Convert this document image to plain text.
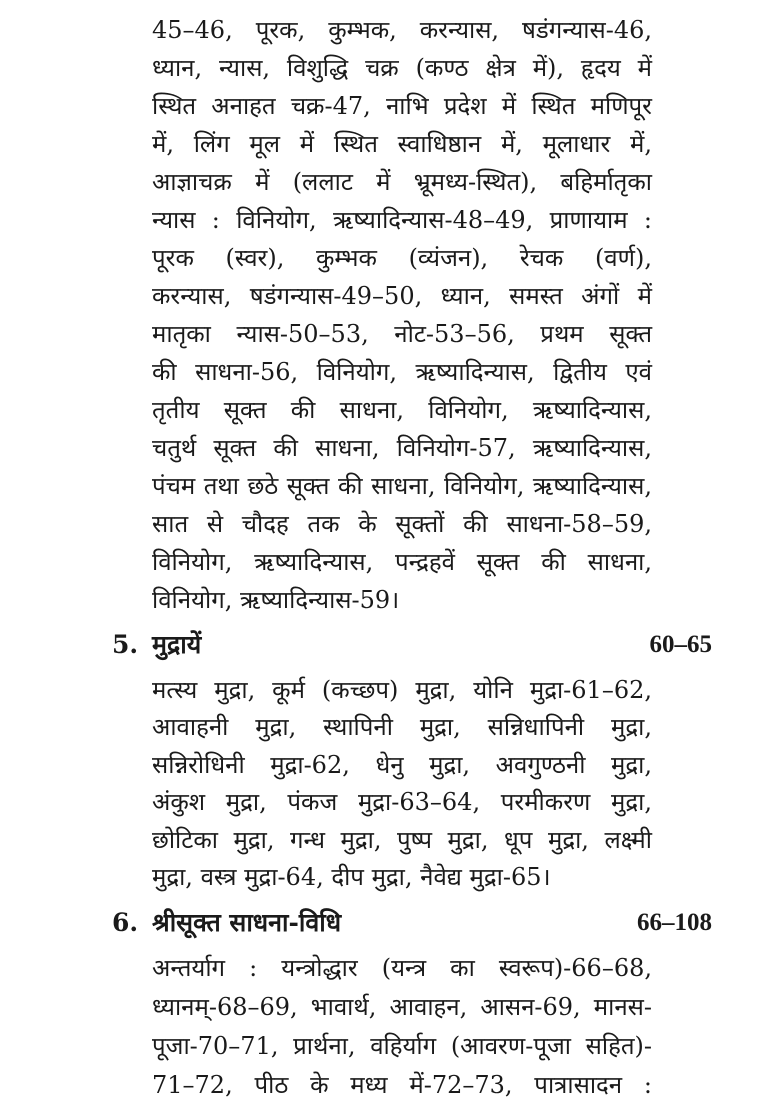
45–46, पूरक, कुम्भक, करन्यास, षडंगन्यास-46,
ध्यान, न्यास, विशुद्धि चक्र (कण्ठ क्षेत्र में), हृदय में
स्थित अनाहत चक्र-47, नाभि प्रदेश में स्थित मणिपूर
में, लिंग मूल में स्थित स्वाधिष्ठान में, मूलाधार में,
आज्ञाचक्र में (ललाट में भ्रूमध्य-स्थित), बहिर्मातृका
न्यास : विनियोग, ऋष्यादिन्यास-48–49, प्राणायाम :
पूरक (स्वर), कुम्भक (व्यंजन), रेचक (वर्ण),
करन्यास, षडंगन्यास-49–50, ध्यान, समस्त अंगों में
मातृका न्यास-50–53, नोट-53–56, प्रथम सूक्त
की साधना-56, विनियोग, ऋष्यादिन्यास, द्वितीय एवं
तृतीय सूक्त की साधना, विनियोग, ऋष्यादिन्यास,
चतुर्थ सूक्त की साधना, विनियोग-57, ऋष्यादिन्यास,
पंचम तथा छठे सूक्त की साधना, विनियोग, ऋष्यादिन्यास,
सात से चौदह तक के सूक्तों की साधना-58–59,
विनियोग, ऋष्यादिन्यास, पन्द्रहवें सूक्त की साधना,
विनियोग, ऋष्यादिन्यास-59।
5. मुद्रायें	60–65
मत्स्य मुद्रा, कूर्म (कच्छप) मुद्रा, योनि मुद्रा-61–62,
आवाहनी मुद्रा, स्थापिनी मुद्रा, सन्निधापिनी मुद्रा,
सन्निरोधिनी मुद्रा-62, धेनु मुद्रा, अवगुण्ठनी मुद्रा,
अंकुश मुद्रा, पंकज मुद्रा-63–64, परमीकरण मुद्रा,
छोटिका मुद्रा, गन्ध मुद्रा, पुष्प मुद्रा, धूप मुद्रा, लक्ष्मी
मुद्रा, वस्त्र मुद्रा-64, दीप मुद्रा, नैवेद्य मुद्रा-65।
6. श्रीसूक्त साधना-विधि	66–108
अन्तर्याग : यन्त्रोद्धार (यन्त्र का स्वरूप)-66–68,
ध्यानम्-68–69, भावार्थ, आवाहन, आसन-69, मानस-
पूजा-70–71, प्रार्थना, वहिर्याग (आवरण-पूजा सहित)-
71–72, पीठ के मध्य में-72–73, पात्रासादन :
